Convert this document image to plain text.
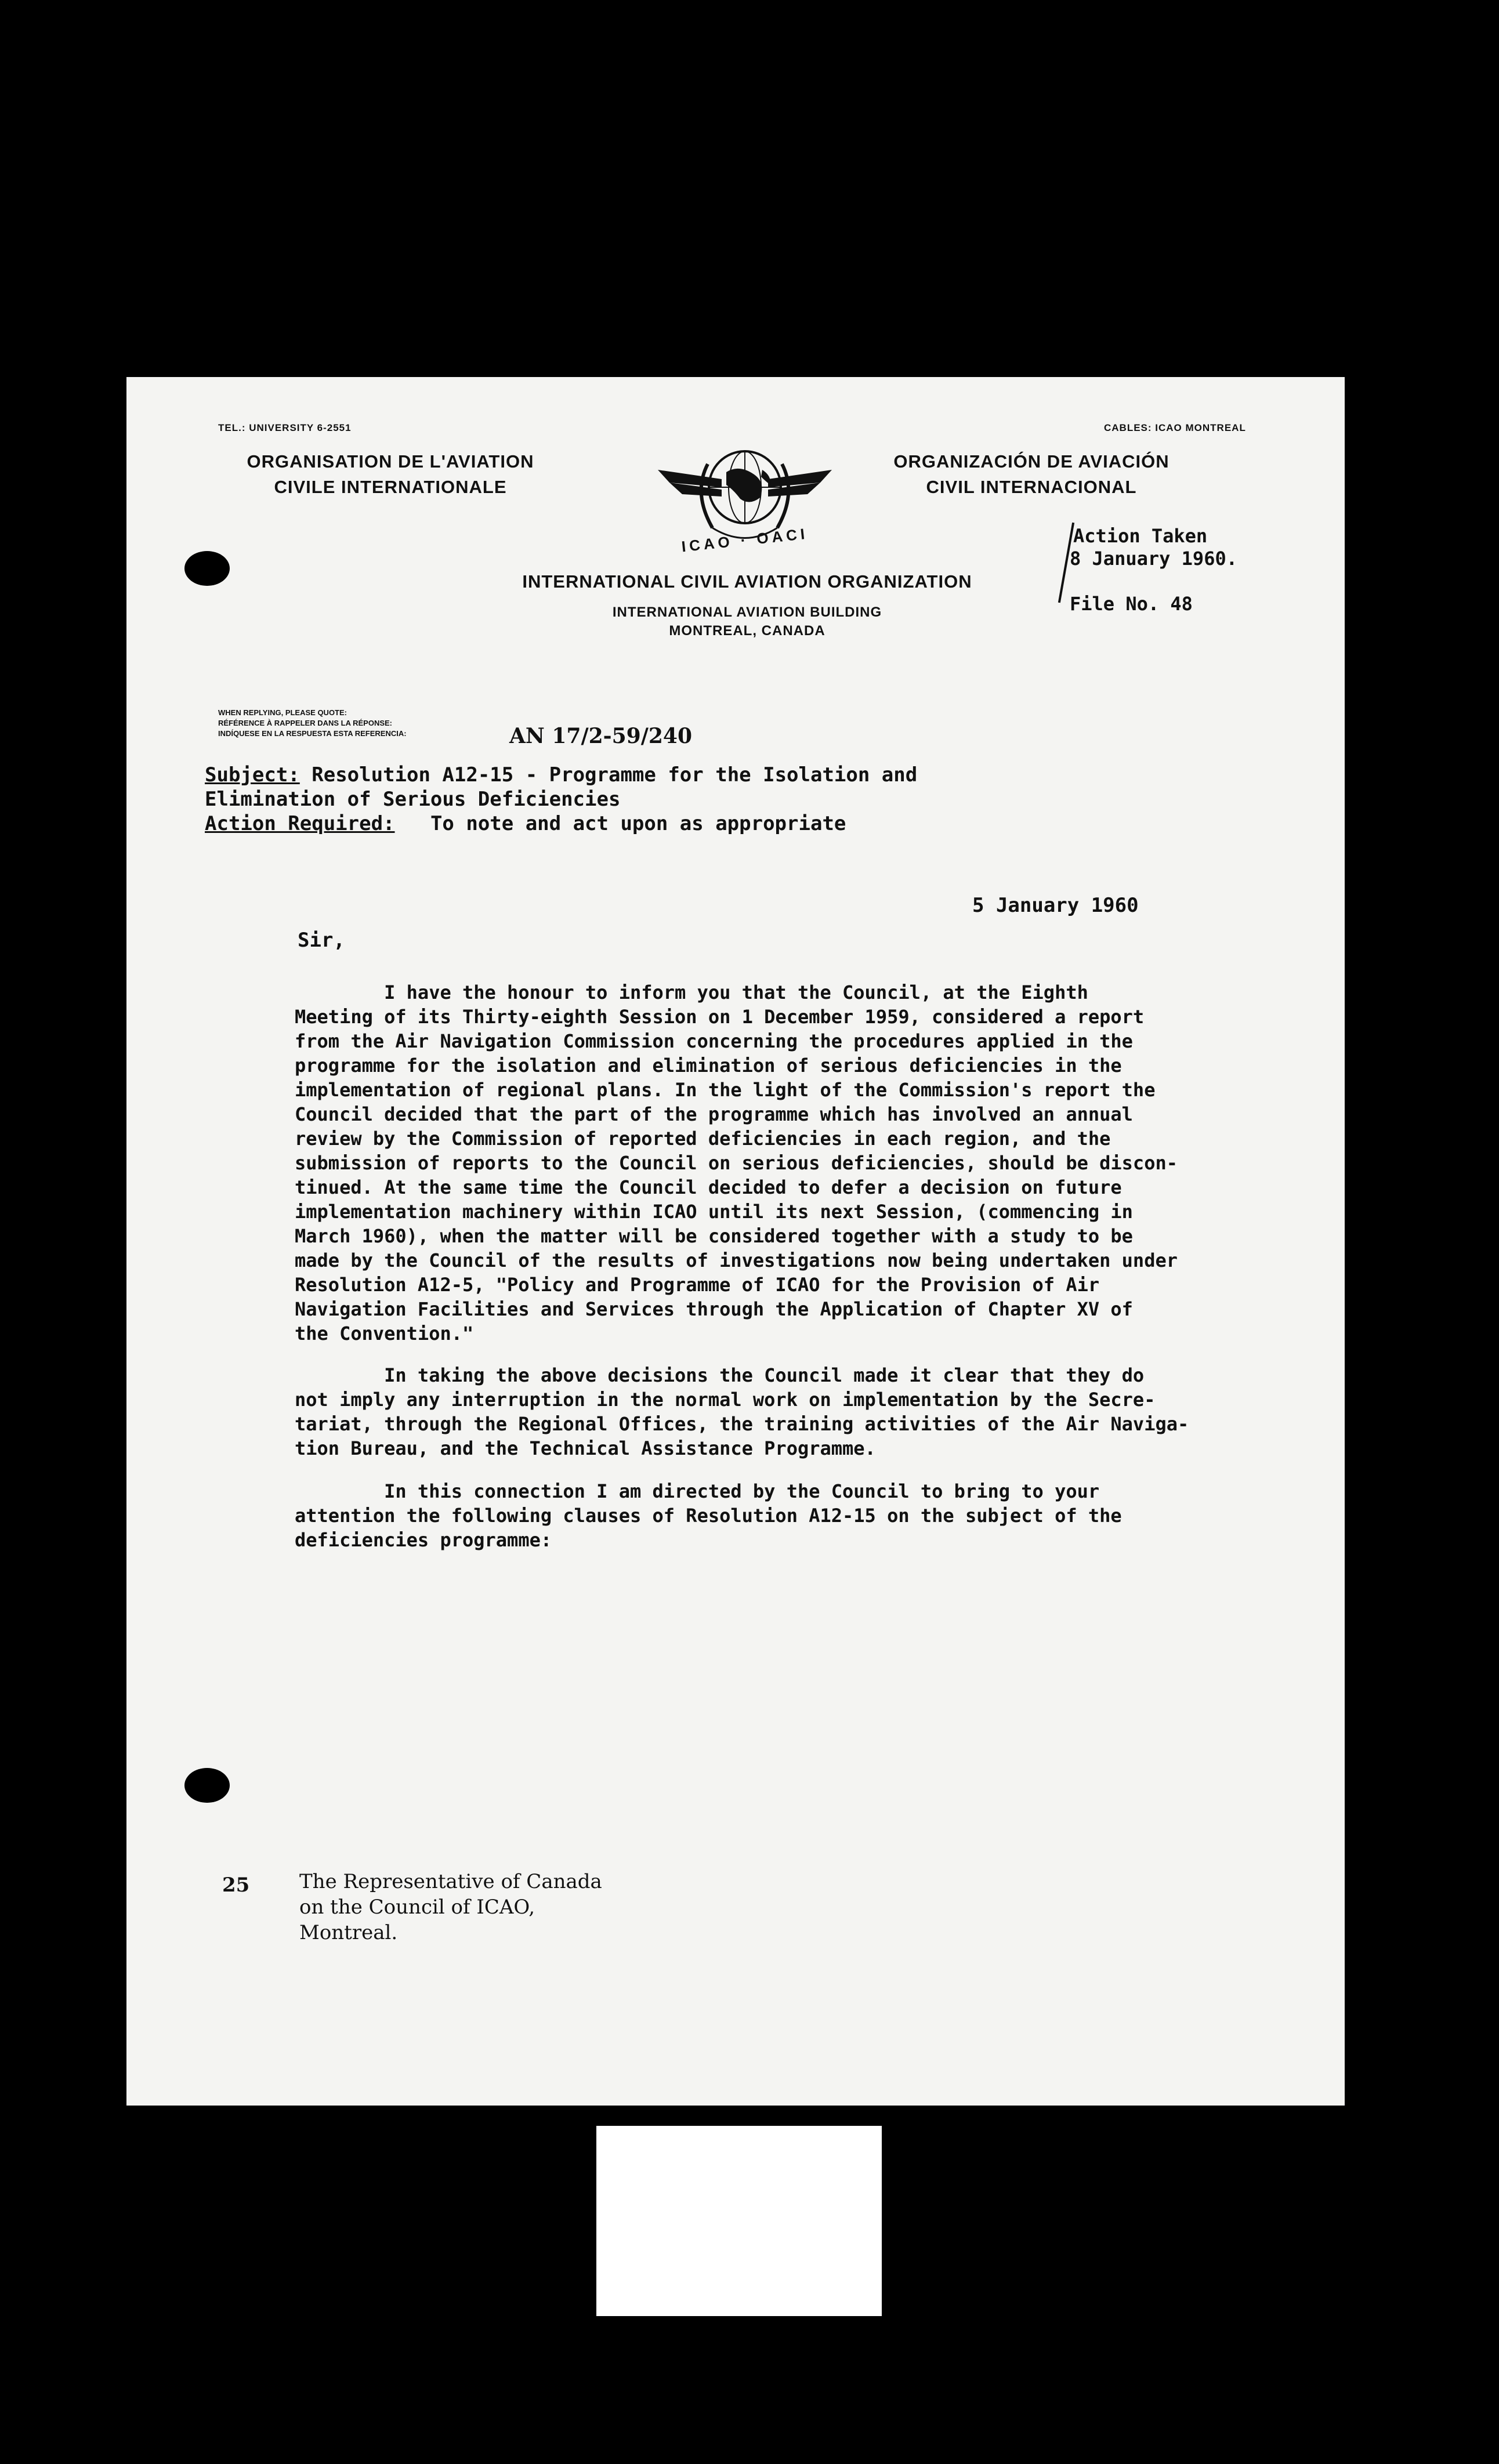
TEL.: UNIVERSITY 6-2551	CABLES: ICAO MONTREAL
ORGANISATION DE L'AVIATION
CIVILE INTERNATIONALE
ORGANIZACIÓN DE AVIACIÓN
CIVIL INTERNACIONAL
ICAO · OACI
INTERNATIONAL CIVIL AVIATION ORGANIZATION
INTERNATIONAL AVIATION BUILDING
MONTREAL, CANADA
Action Taken
8 January 1960.
File No. 48
WHEN REPLYING, PLEASE QUOTE:
RÉFÉRENCE À RAPPELER DANS LA RÉPONSE:
INDÍQUESE EN LA RESPUESTA ESTA REFERENCIA:	AN 17/2-59/240
Subject: Resolution A12-15 - Programme for the Isolation and
Elimination of Serious Deficiencies
Action Required: To note and act upon as appropriate
5 January 1960
Sir,
I have the honour to inform you that the Council, at the Eighth
Meeting of its Thirty-eighth Session on 1 December 1959, considered a report
from the Air Navigation Commission concerning the procedures applied in the
programme for the isolation and elimination of serious deficiencies in the
implementation of regional plans. In the light of the Commission's report the
Council decided that the part of the programme which has involved an annual
review by the Commission of reported deficiencies in each region, and the
submission of reports to the Council on serious deficiencies, should be discon-
tinued. At the same time the Council decided to defer a decision on future
implementation machinery within ICAO until its next Session, (commencing in
March 1960), when the matter will be considered together with a study to be
made by the Council of the results of investigations now being undertaken under
Resolution A12-5, "Policy and Programme of ICAO for the Provision of Air
Navigation Facilities and Services through the Application of Chapter XV of
the Convention."
In taking the above decisions the Council made it clear that they do
not imply any interruption in the normal work on implementation by the Secre-
tariat, through the Regional Offices, the training activities of the Air Naviga-
tion Bureau, and the Technical Assistance Programme.
In this connection I am directed by the Council to bring to your
attention the following clauses of Resolution A12-15 on the subject of the
deficiencies programme:
25	The Representative of Canada
on the Council of ICAO,
Montreal.
